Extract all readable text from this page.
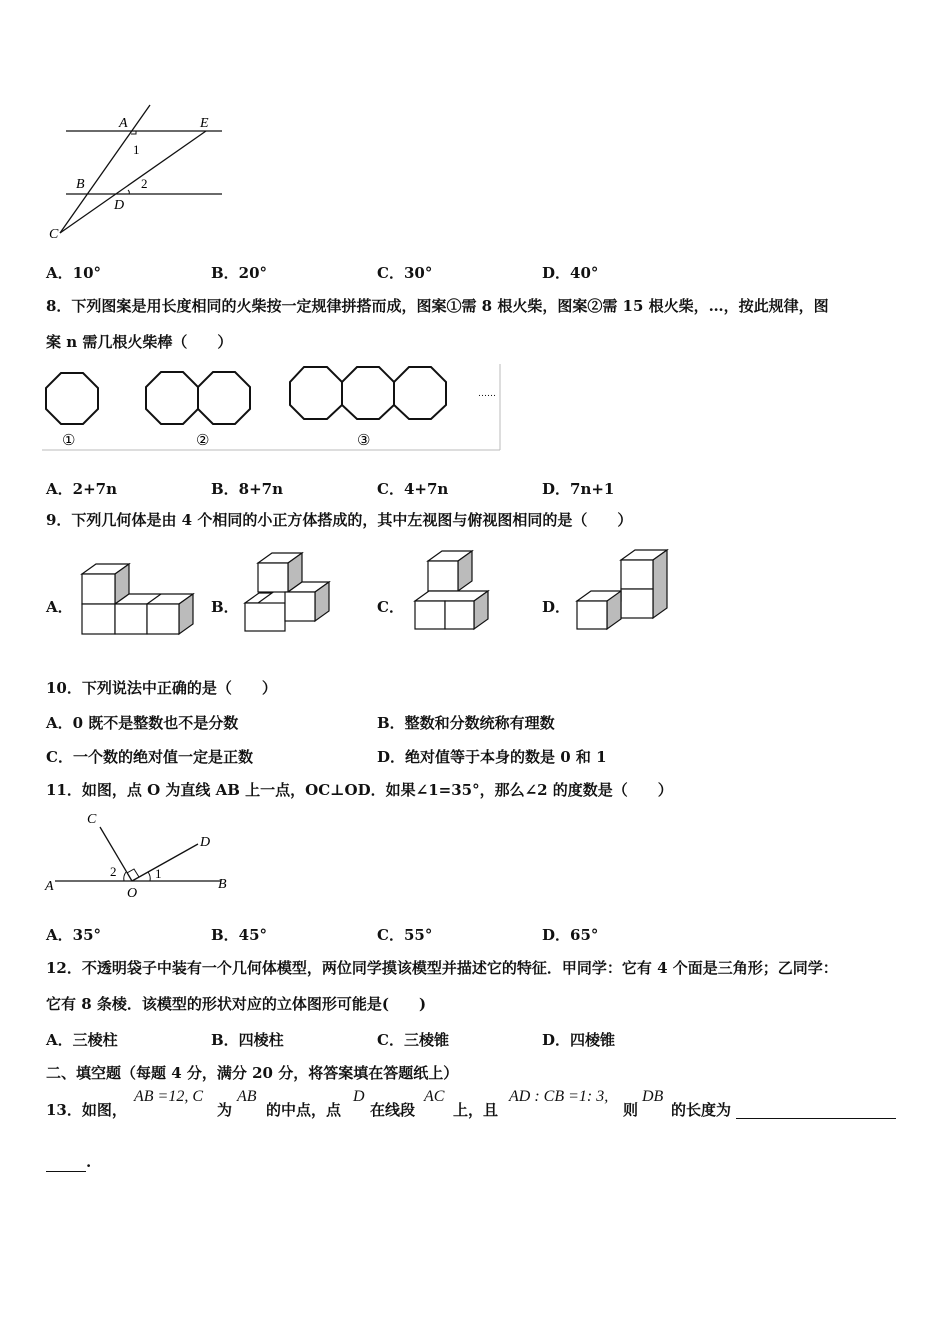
A	E
1
B	2
D
C
A．10°	B．20°	C．30°	D．40°
8．下列图案是用长度相同的火柴按一定规律拼搭而成，图案①需 8 根火柴，图案②需 15 根火柴，…，按此规律，图
案 n 需几根火柴棒（　　）
……
①	②	③
A．2+7n	B．8+7n	C．4+7n	D．7n+1
9．下列几何体是由 4 个相同的小正方体搭成的，其中左视图与俯视图相同的是（　　）
A．	B．	C．	D．
10．下列说法中正确的是（　　）
A．0 既不是整数也不是分数	B．整数和分数统称有理数
C．一个数的绝对值一定是正数	D．绝对值等于本身的数是 0 和 1
11．如图，点 O 为直线 AB 上一点，OC⊥OD．如果∠1=35°，那么∠2 的度数是（　　）
C
D
2	1
A	B
O
A．35°	B．45°	C．55°	D．65°
12．不透明袋子中装有一个几何体模型，两位同学摸该模型并描述它的特征．甲同学：它有 4 个面是三角形；乙同学：
它有 8 条棱．该模型的形状对应的立体图形可能是(　　)
A．三棱柱	B．四棱柱	C．三棱锥	D．四棱锥
二、填空题（每题 4 分，满分 20 分，将答案填在答题纸上）
13．如图，
AB =12, C
为
AB
的中点，点
D
在线段
AC
上，且
AD : CB =1: 3,
则
DB
的长度为
.
